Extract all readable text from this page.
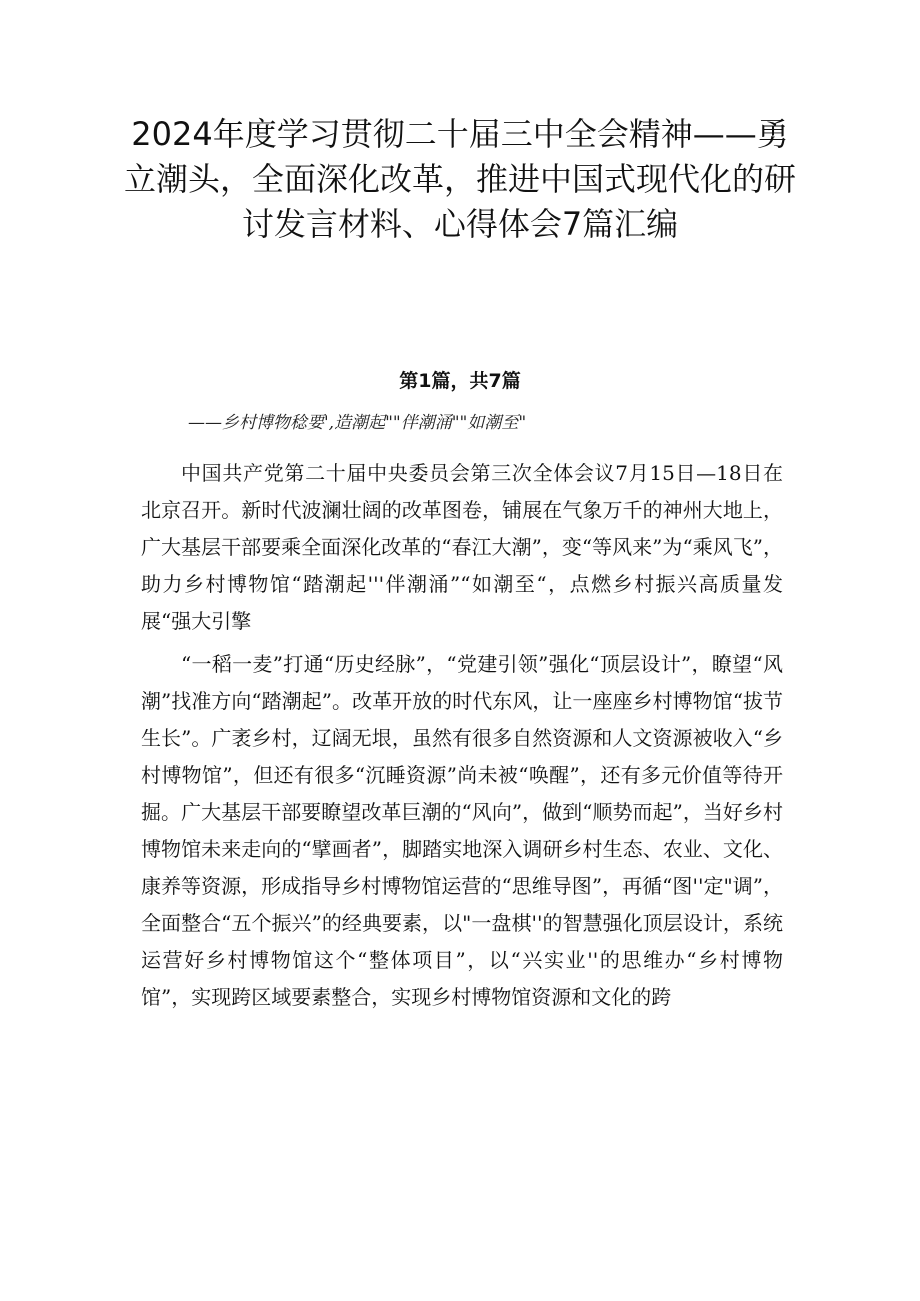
2024年度学习贯彻二十届三中全会精神——勇立潮头，全面深化改革，推进中国式现代化的研讨发言材料、心得体会7篇汇编
第1篇，共7篇

——乡村博物稔要',造潮起""伴潮涌""如潮至"

中国共产党第二十届中央委员会第三次全体会议7月15日—18日在北京召开。新时代波澜壮阔的改革图卷，铺展在气象万千的神州大地上，广大基层干部要乘全面深化改革的“春江大潮”，变“等风来”为“乘风飞”，助力乡村博物馆“踏潮起'''伴潮涌”“如潮至“，点燃乡村振兴高质量发展“强大引擎

“一稻一麦”打通“历史经脉”，“党建引领”强化“顶层设计”，瞭望“风潮”找准方向“踏潮起”。改革开放的时代东风，让一座座乡村博物馆“拔节生长”。广袤乡村，辽阔无垠，虽然有很多自然资源和人文资源被收入“乡村博物馆”，但还有很多“沉睡资源”尚未被“唤醒”，还有多元价值等待开掘。广大基层干部要瞭望改革巨潮的“风向”，做到“顺势而起”，当好乡村博物馆未来走向的“擘画者”，脚踏实地深入调研乡村生态、农业、文化、康养等资源，形成指导乡村博物馆运营的“思维导图”，再循“图''定"调”，全面整合“五个振兴”的经典要素，以"一盘棋''的智慧强化顶层设计，系统运营好乡村博物馆这个“整体项目”，以“兴实业''的思维办“乡村博物馆”，实现跨区域要素整合，实现乡村博物馆资源和文化的跨
